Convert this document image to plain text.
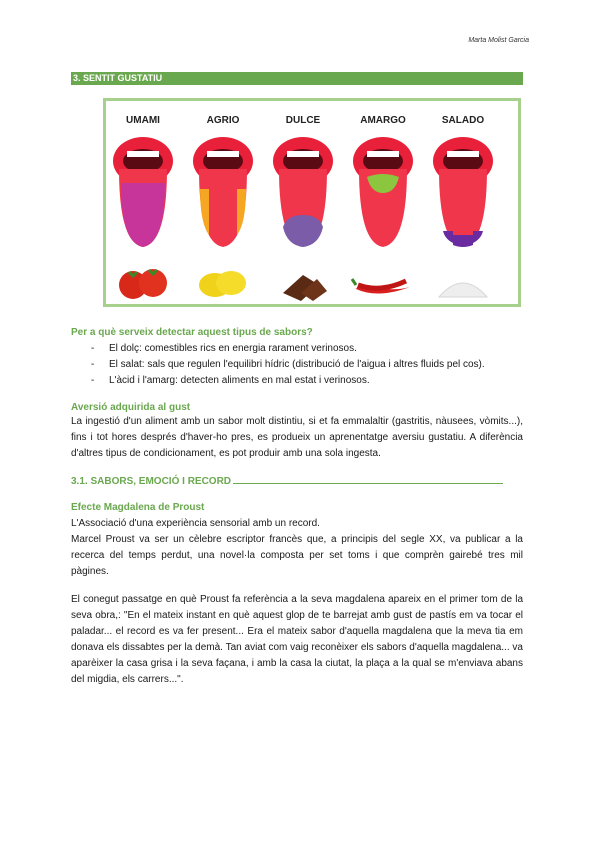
Marta Molist Garcia
3. SENTIT GUSTATIU
UMAMI	AGRIO	DULCE	AMARGO	SALADO
Per a què serveix detectar aquest tipus de sabors?
- El dolç: comestibles rics en energia rarament verinosos.
- El salat: sals que regulen l'equilibri hídric (distribució de l'aigua i altres fluids pel cos).
- L'àcid i l'amarg: detecten aliments en mal estat i verinosos.
Aversió adquirida al gust

La ingestió d'un aliment amb un sabor molt distintiu, si et fa emmalaltir (gastritis, nàusees, vòmits...), fins i tot hores després d'haver-ho pres, es produeix un aprenentatge aversiu gustatiu. A diferència d'altres tipus de condicionament, es pot produir amb una sola ingesta.

3.1. SABORS, EMOCIÓ I RECORD
Efecte Magdalena de Proust

L'Associació d'una experiència sensorial amb un record.

Marcel Proust va ser un cèlebre escriptor francès que, a principis del segle XX, va publicar a la recerca del temps perdut, una novel·la composta per set toms i que comprèn gairebé tres mil pàgines.

El conegut passatge en què Proust fa referència a la seva magdalena apareix en el primer tom de la seva obra,: "En el mateix instant en què aquest glop de te barrejat amb gust de pastís em va tocar el paladar... el record es va fer present... Era el mateix sabor d'aquella magdalena que la meva tia em donava els dissabtes per la demà. Tan aviat com vaig reconèixer els sabors d'aquella magdalena... va aparèixer la casa grisa i la seva façana, i amb la casa la ciutat, la plaça a la qual se m'enviava abans del migdia, els carrers...".
